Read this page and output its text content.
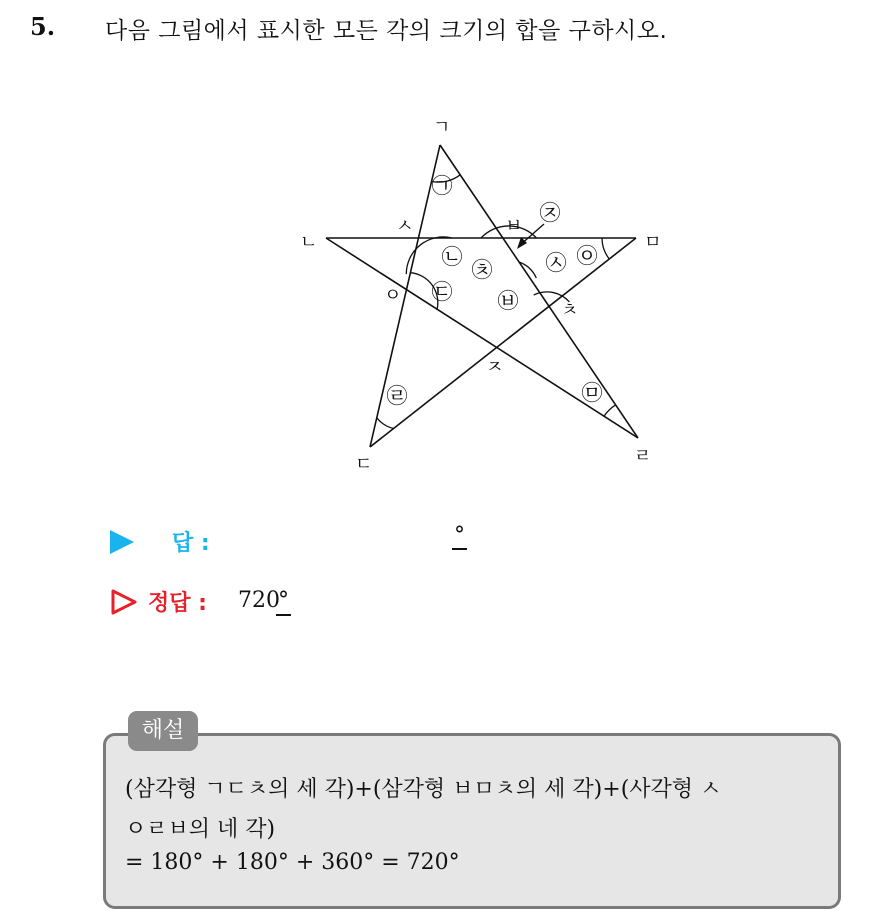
5. 다음 그림에서 표시한 모든 각의 크기의 합을 구하시오.
ㄱ
ㄴ
ㄷ	ㄹ
ㅁ
ㅂ
ㅅ
ㅇ
ㅈ
ㅊ
㉠
㉡
㉢
㉣	㉤
㉥
㉦ ㉧
㉨
㉩
답 :	°
정답 : 720
°
해설
(삼각형 ㄱㄷㅊ의 세 각)+(삼각형 ㅂㅁㅊ의 세 각)+(사각형 ㅅ
ㅇㄹㅂ의 네 각)
= 180° + 180° + 360° = 720°
